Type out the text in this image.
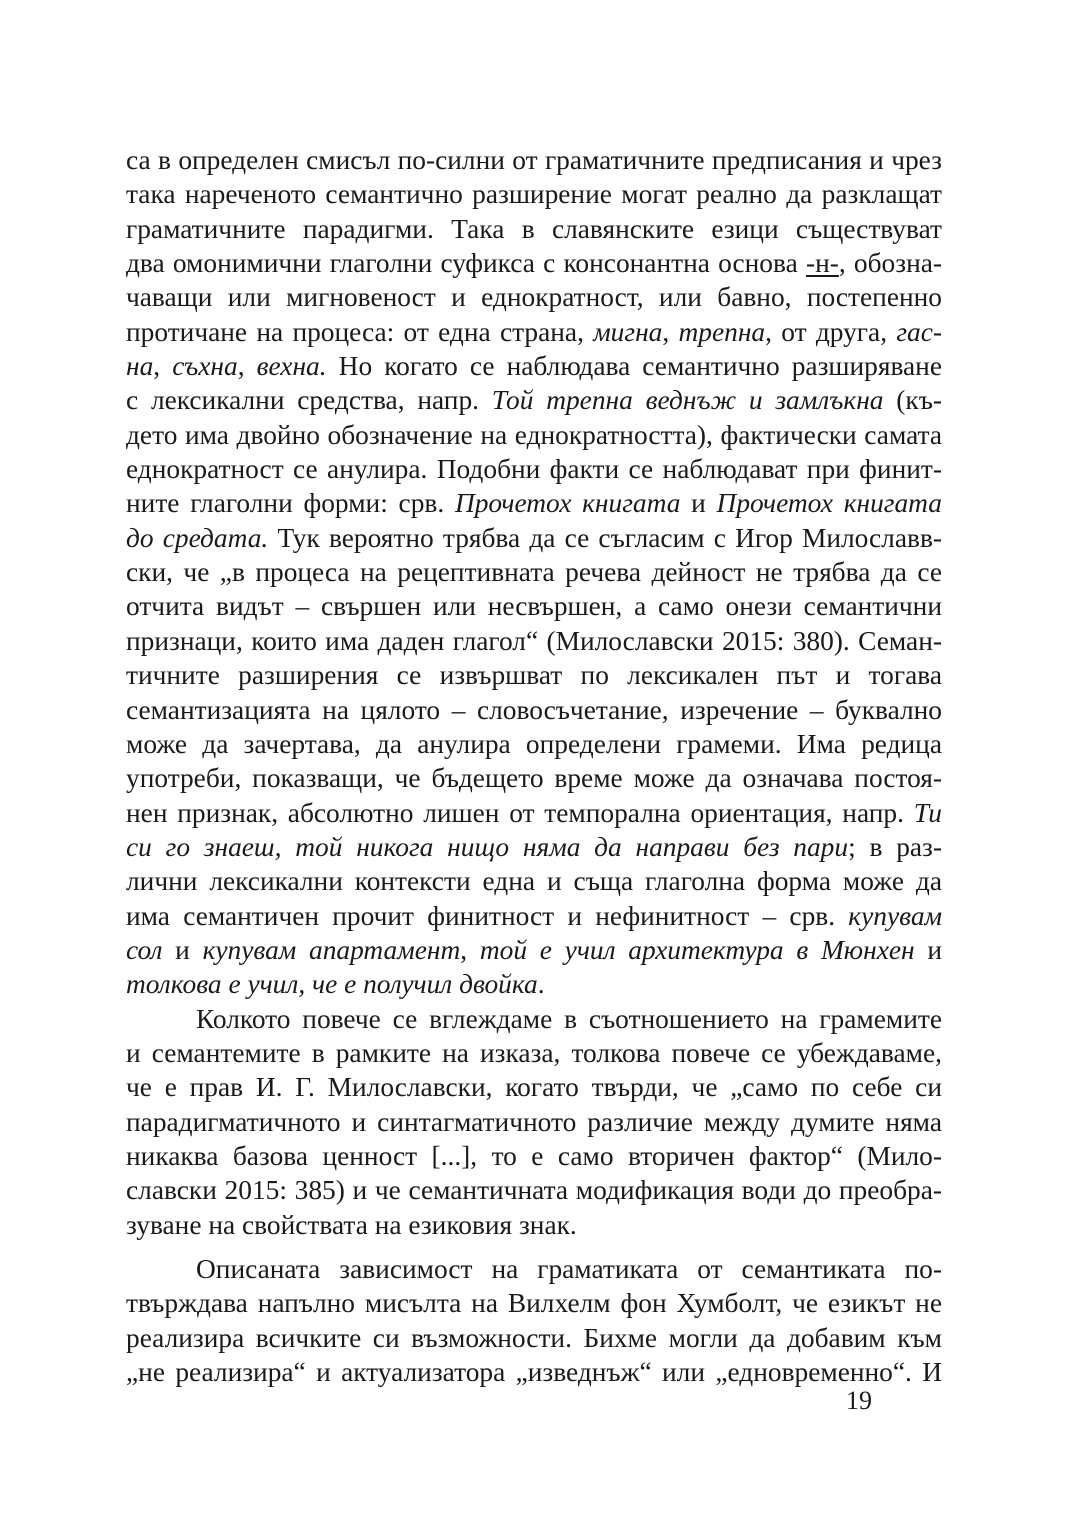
са в определен смисъл по-силни от граматичните предписания и чрез
така нареченото семантично разширение могат реално да разклащат
граматичните парадигми. Така в славянските езици съществуват
два омонимични глаголни суфикса с консонантна основа -н-, обозна-
чаващи или мигновеност и еднократност, или бавно, постепенно
протичане на процеса: от една страна, мигна, трепна, от друга, гас-
на, съхна, вехна. Но когато се наблюдава семантично разширяване
с лексикални средства, напр. Той трепна веднъж и замлъкна (къ-
дето има двойно обозначение на еднократността), фактически самата
еднократност се анулира. Подобни факти се наблюдават при финит-
ните глаголни форми: срв. Прочетох книгата и Прочетох книгата
до средата. Тук вероятно трябва да се съгласим с Игор Милославв-
ски, че „в процеса на рецептивната речева дейност не трябва да се
отчита видът – свършен или несвършен, а само онези семантични
признаци, които има даден глагол“ (Милославски 2015: 380). Семан-
тичните разширения се извършват по лексикален път и тогава
семантизацията на цялото – словосъчетание, изречение – буквално
може да зачертава, да анулира определени грамеми. Има редица
употреби, показващи, че бъдещето време може да означава постоя-
нен признак, абсолютно лишен от темпорална ориентация, напр. Ти
си го знаеш, той никога нищо няма да направи без пари; в раз-
лични лексикални контексти една и съща глаголна форма може да
има семантичен прочит финитност и нефинитност – срв. купувам
сол и купувам апартамент, той е учил архитектура в Мюнхен и
толкова е учил, че е получил двойка.
Колкото повече се вглеждаме в съотношението на грамемите
и семантемите в рамките на изказа, толкова повече се убеждаваме,
че е прав И. Г. Милославски, когато твърди, че „само по себе си
парадигматичното и синтагматичното различие между думите няма
никаква базова ценност [...], то е само вторичен фактор“ (Мило-
славски 2015: 385) и че семантичната модификация води до преобра-
зуване на свойствата на езиковия знак.
Описаната зависимост на граматиката от семантиката по-
твърждава напълно мисълта на Вилхелм фон Хумболт, че езикът не
реализира всичките си възможности. Бихме могли да добавим към
„не реализира“ и актуализатора „изведнъж“ или „едновременно“. И
19
